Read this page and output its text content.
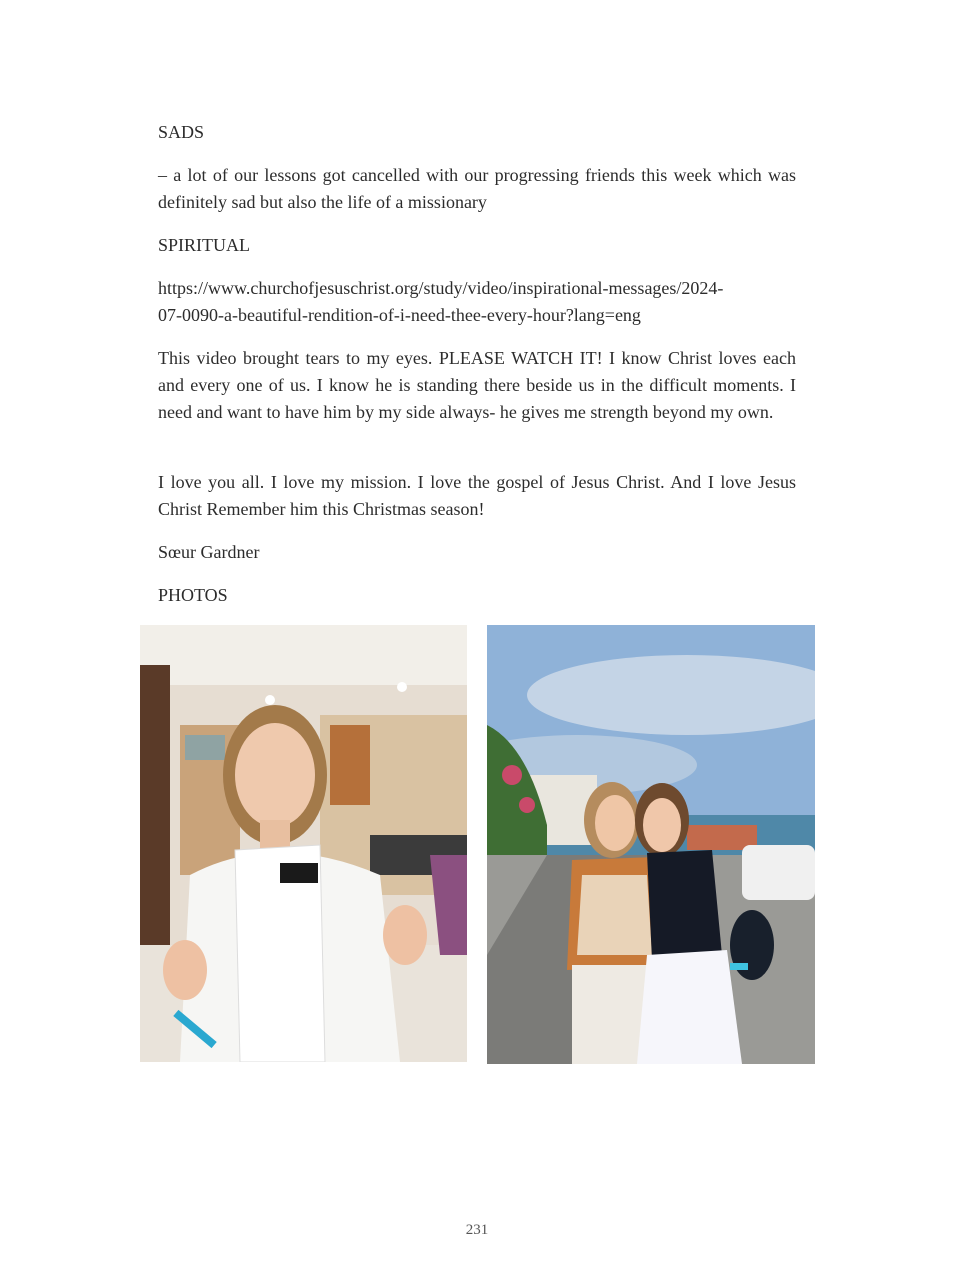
SADS

– a lot of our lessons got cancelled with our progressing friends this week which was definitely sad but also the life of a missionary

SPIRITUAL

https://www.churchofjesuschrist.org/study/video/inspirational-messages/2024-
07-0090-a-beautiful-rendition-of-i-need-thee-every-hour?lang=eng

This video brought tears to my eyes. PLEASE WATCH IT! I know Christ loves each and every one of us. I know he is standing there beside us in the difficult moments. I need and want to have him by my side always- he gives me strength beyond my own.

I love you all. I love my mission. I love the gospel of Jesus Christ. And I love Jesus Christ Remember him this Christmas season!

Sœur Gardner

PHOTOS

231
